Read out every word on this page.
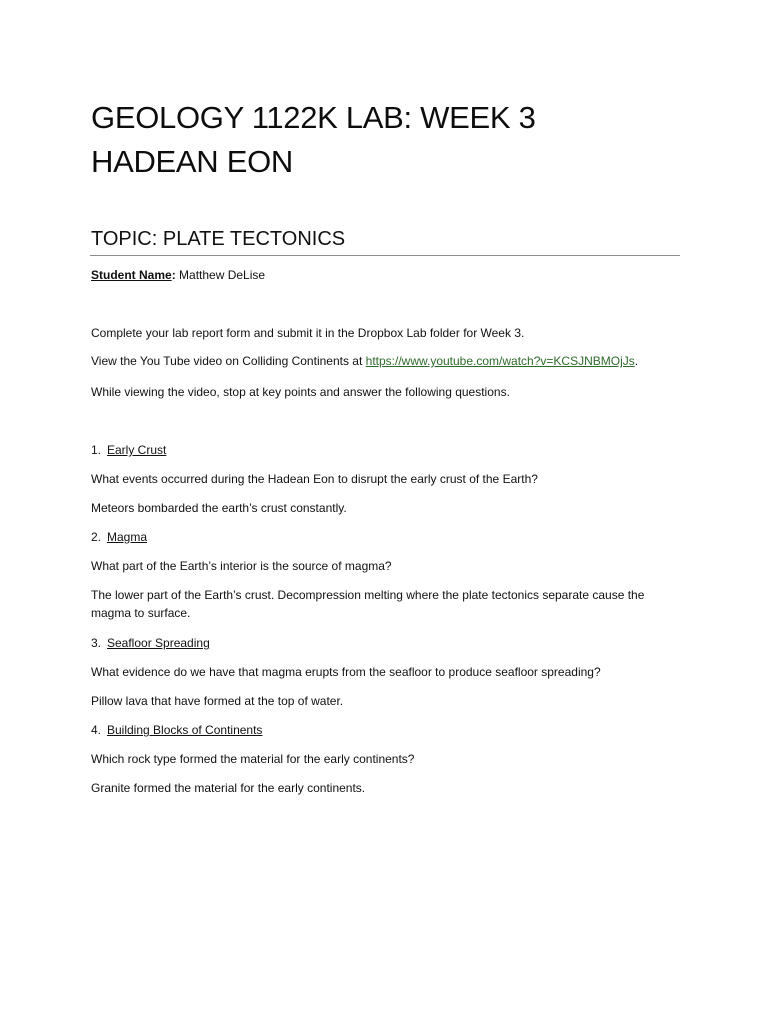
GEOLOGY 1122K LAB: WEEK 3
HADEAN EON
TOPIC: PLATE TECTONICS
Student Name: Matthew DeLise
Complete your lab report form and submit it in the Dropbox Lab folder for Week 3.
View the You Tube video on Colliding Continents at https://www.youtube.com/watch?v=KCSJNBMOjJs.
While viewing the video, stop at key points and answer the following questions.
1. Early Crust
What events occurred during the Hadean Eon to disrupt the early crust of the Earth?
Meteors bombarded the earth’s crust constantly.
2. Magma
What part of the Earth’s interior is the source of magma?
The lower part of the Earth’s crust. Decompression melting where the plate tectonics separate cause the
magma to surface.
3. Seafloor Spreading
What evidence do we have that magma erupts from the seafloor to produce seafloor spreading?
Pillow lava that have formed at the top of water.
4. Building Blocks of Continents
Which rock type formed the material for the early continents?
Granite formed the material for the early continents.
